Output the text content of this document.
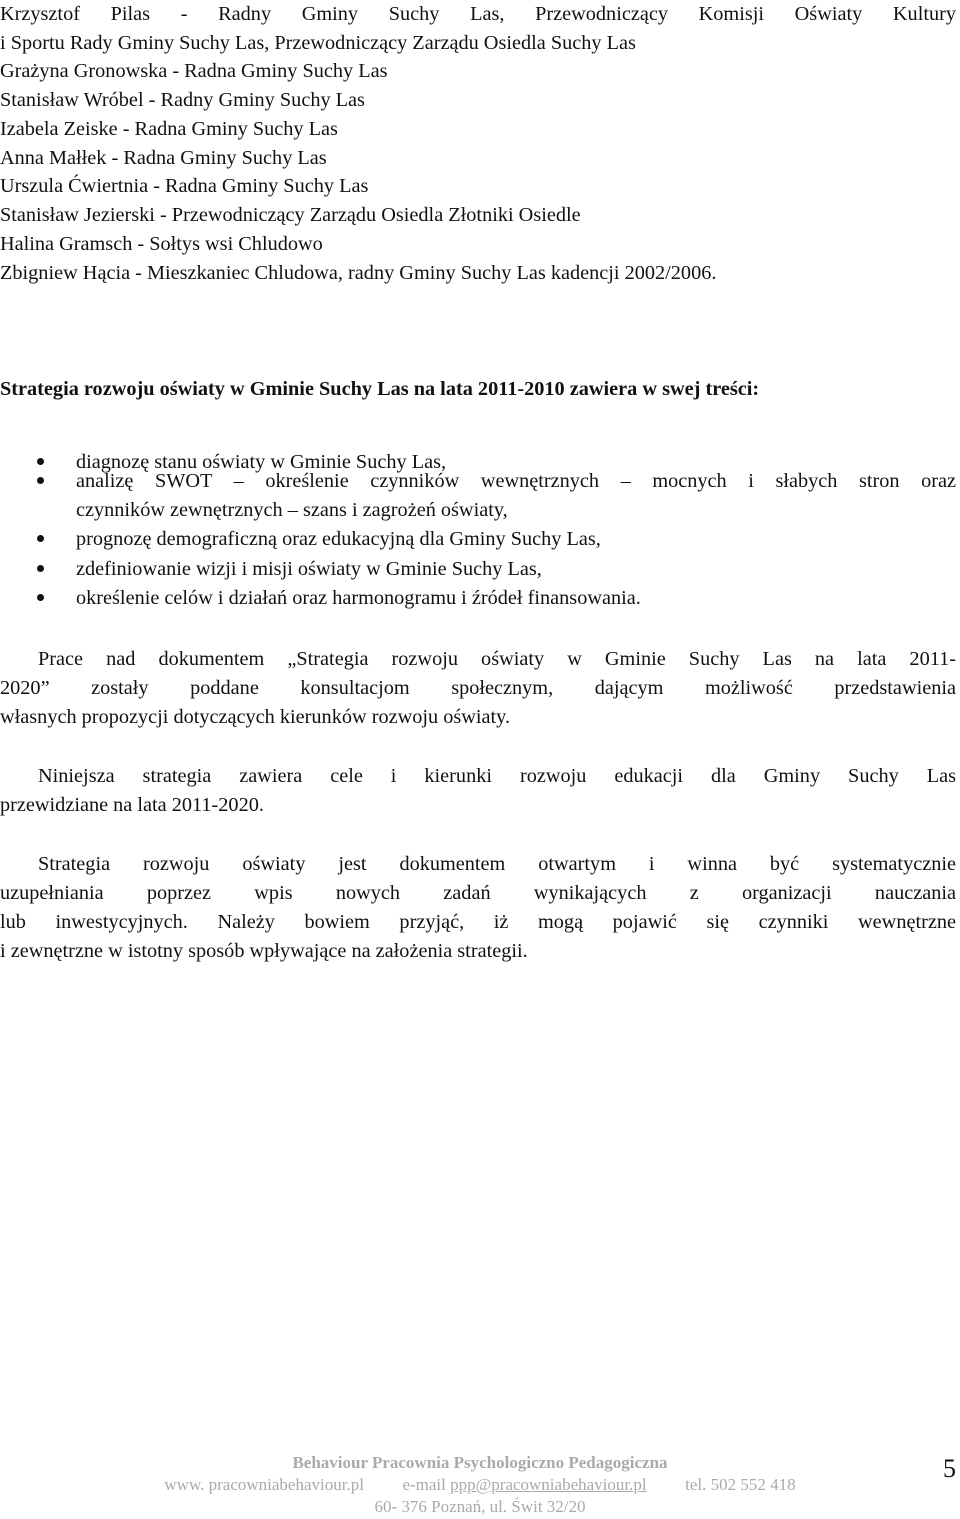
Krzysztof Pilas - Radny Gminy Suchy Las, Przewodniczący Komisji Oświaty Kultury
i Sportu Rady Gminy Suchy Las, Przewodniczący Zarządu Osiedla Suchy Las
Grażyna Gronowska - Radna Gminy Suchy Las
Stanisław Wróbel - Radny Gminy Suchy Las
Izabela Zeiske - Radna Gminy Suchy Las
Anna Małłek - Radna Gminy Suchy Las
Urszula Ćwiertnia - Radna Gminy Suchy Las
Stanisław Jezierski - Przewodniczący Zarządu Osiedla Złotniki Osiedle
Halina Gramsch - Sołtys wsi Chludowo
Zbigniew Hącia - Mieszkaniec Chludowa, radny Gminy Suchy Las kadencji 2002/2006.
Strategia rozwoju oświaty w Gminie Suchy Las na lata 2011-2010 zawiera w swej treści:
diagnozę stanu oświaty w Gminie Suchy Las,
analizę SWOT – określenie czynników wewnętrznych – mocnych i słabych stron oraz
czynników zewnętrznych – szans i zagrożeń oświaty,
prognozę demograficzną oraz edukacyjną dla Gminy Suchy Las,
zdefiniowanie wizji i misji oświaty w Gminie Suchy Las,
określenie celów i działań oraz harmonogramu i źródeł finansowania.
Prace nad dokumentem „Strategia rozwoju oświaty w Gminie Suchy Las na lata 2011-
2020” zostały poddane konsultacjom społecznym, dającym możliwość przedstawienia
własnych propozycji dotyczących kierunków rozwoju oświaty.
Niniejsza strategia zawiera cele i kierunki rozwoju edukacji dla Gminy Suchy Las
przewidziane na lata 2011-2020.
Strategia rozwoju oświaty jest dokumentem otwartym i winna być systematycznie
uzupełniania poprzez wpis nowych zadań wynikających z organizacji nauczania
lub inwestycyjnych. Należy bowiem przyjąć, iż mogą pojawić się czynniki wewnętrzne
i zewnętrzne w istotny sposób wpływające na założenia strategii.
Behaviour Pracownia Psychologiczno Pedagogiczna
www. pracowniabehaviour.pl e-mail ppp@pracowniabehaviour.pl tel. 502 552 418
60- 376 Poznań, ul. Świt 32/20
5
